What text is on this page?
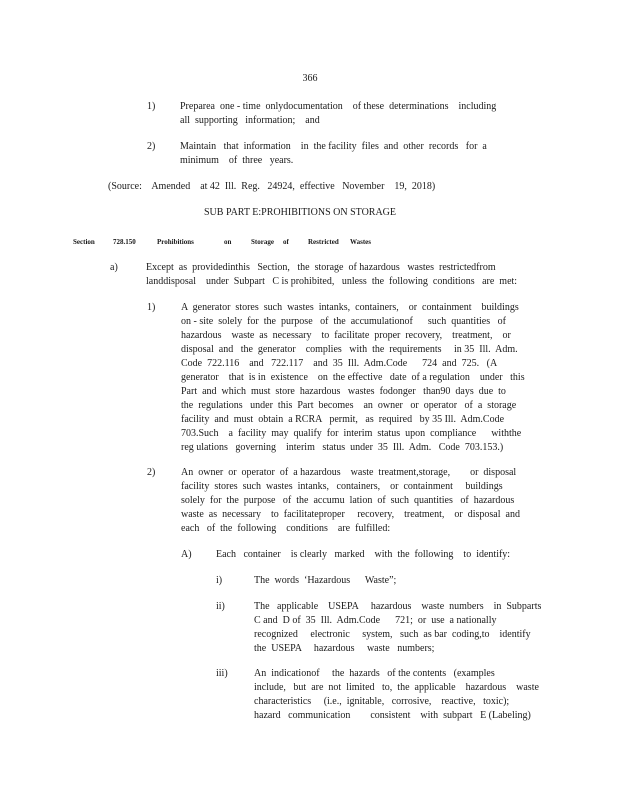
366
1) Preparea  one - time  onlydocumentation    of these  determinations    including
all  supporting   information;    and
2) Maintain   that  information    in  the facility  files  and  other  records   for  a
minimum    of  three   years.
(Source:    Amended    at 42  Ill.  Reg.   24924,  effective   November    19,  2018)
SUB PART E:PROHIBITIONS ON STORAGE
Section	728.150	Prohibitions	on	Storage of	Restricted Wastes
a)	Except  as  providedinthis   Section,   the  storage  of hazardous   wastes  restrictedfrom
landdisposal    under  Subpart   C is prohibited,   unless  the  following  conditions   are  met:
1)	A  generator  stores  such  wastes  intanks,  containers,    or  containment    buildings
on - site  solely  for  the  purpose   of  the  accumulationof      such  quantities   of
hazardous    waste  as  necessary    to  facilitate  proper  recovery,    treatment,    or
disposal  and   the  generator    complies   with  the  requirements     in 35  Ill.  Adm.
Code  722.116    and   722.117    and  35  Ill.  Adm.Code      724  and  725.   (A
generator    that  is in  existence    on  the effective   date  of a regulation    under   this
Part  and  which  must  store  hazardous   wastes  fodonger   than90  days  due  to
the  regulations   under  this  Part  becomes    an  owner   or  operator   of  a  storage
facility  and  must  obtain  a RCRA   permit,   as  required   by 35 Ill.  Adm.Code
703.Such    a  facility  may  qualify  for  interim  status  upon  compliance      withthe
reg ulations   governing    interim   status  under  35  Ill.  Adm.   Code  703.153.)
2)	An  owner  or  operator  of  a hazardous    waste  treatment,storage,        or  disposal
facility  stores  such  wastes  intanks,   containers,    or  containment     buildings
solely  for  the  purpose   of  the  accumu  lation  of  such  quantities   of  hazardous
waste  as  necessary    to  facilitateproper     recovery,    treatment,    or  disposal  and
each   of  the  following    conditions    are  fulfilled:
A) Each   container    is clearly   marked    with  the  following    to  identify:
i)	The  words  ‘Hazardous      Waste”;
ii)	The   applicable    USEPA     hazardous    waste  numbers    in  Subparts
C and  D of  35  Ill.  Adm.Code      721;  or  use  a nationally
recognized     electronic     system,   such  as bar  coding,to    identify
the  USEPA     hazardous     waste   numbers;
iii)	An  indicationof     the  hazards   of the contents   (examples
include,   but  are  not  limited   to,  the  applicable    hazardous    waste
characteristics     (i.e.,  ignitable,   corrosive,    reactive,   toxic);
hazard   communication        consistent    with  subpart   E (Labeling)
